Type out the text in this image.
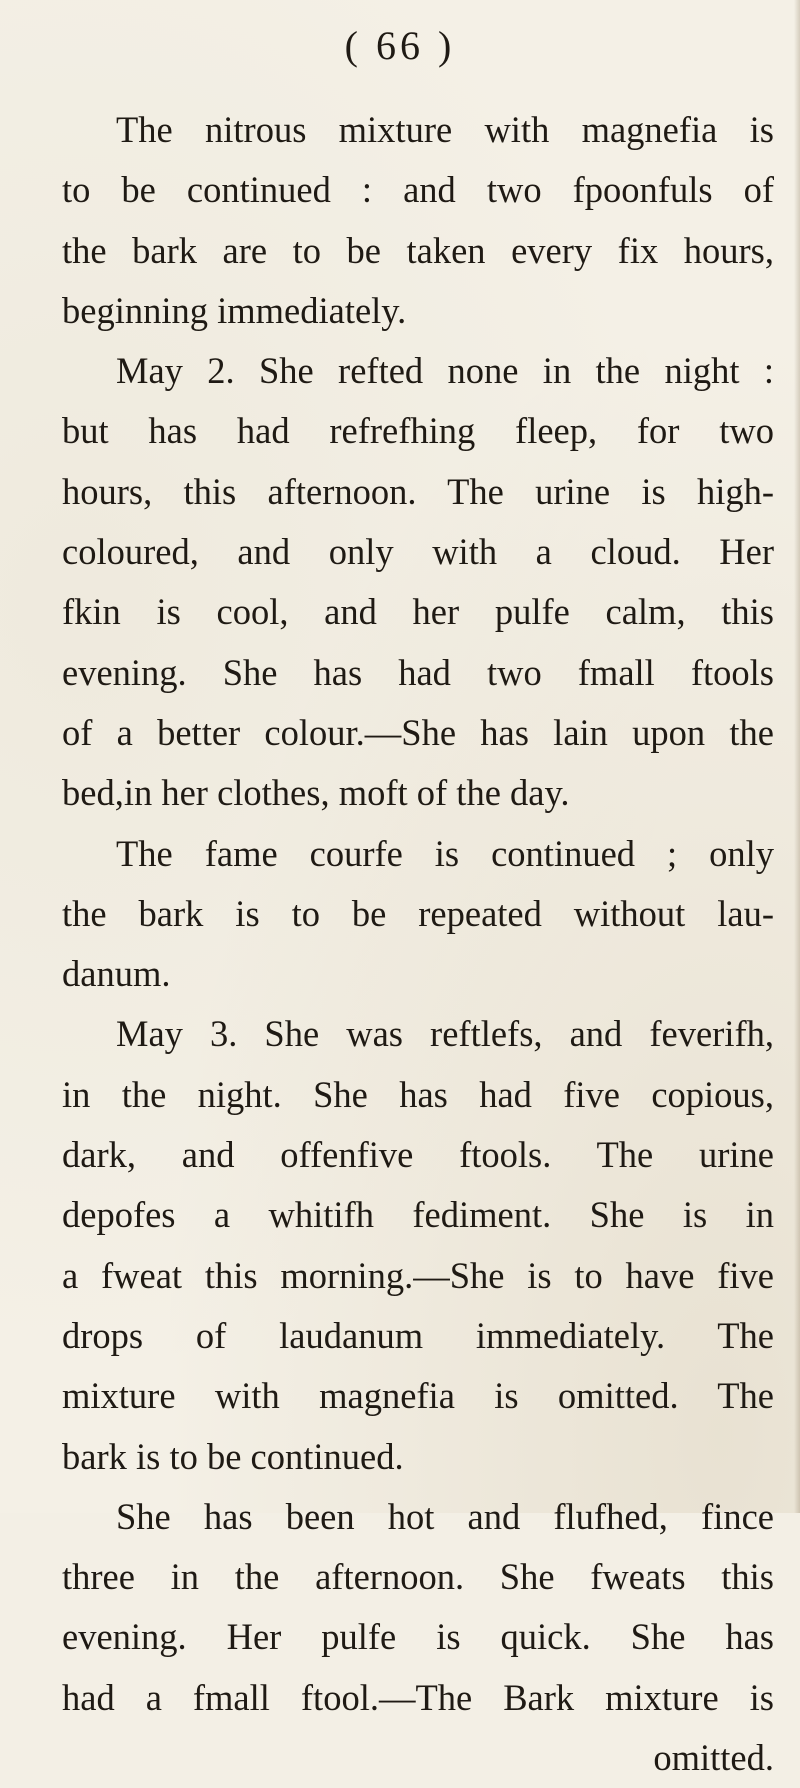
( 66 )
The nitrous mixture with magnefia is
to be continued : and two fpoonfuls of
the bark are to be taken every fix hours,
beginning immediately.
May 2. She refted none in the night :
but has had refrefhing fleep, for two
hours, this afternoon. The urine is high-
coloured, and only with a cloud. Her
fkin is cool, and her pulfe calm, this
evening. She has had two fmall ftools
of a better colour.—She has lain upon the
bed,in her clothes, moft of the day.
The fame courfe is continued ; only
the bark is to be repeated without lau-
danum.
May 3. She was reftlefs, and feverifh,
in the night. She has had five copious,
dark, and offenfive ftools. The urine
depofes a whitifh fediment. She is in
a fweat this morning.—She is to have five
drops of laudanum immediately. The
mixture with magnefia is omitted. The
bark is to be continued.
She has been hot and flufhed, fince
three in the afternoon. She fweats this
evening. Her pulfe is quick. She has
had a fmall ftool.—The Bark mixture is
omitted.
